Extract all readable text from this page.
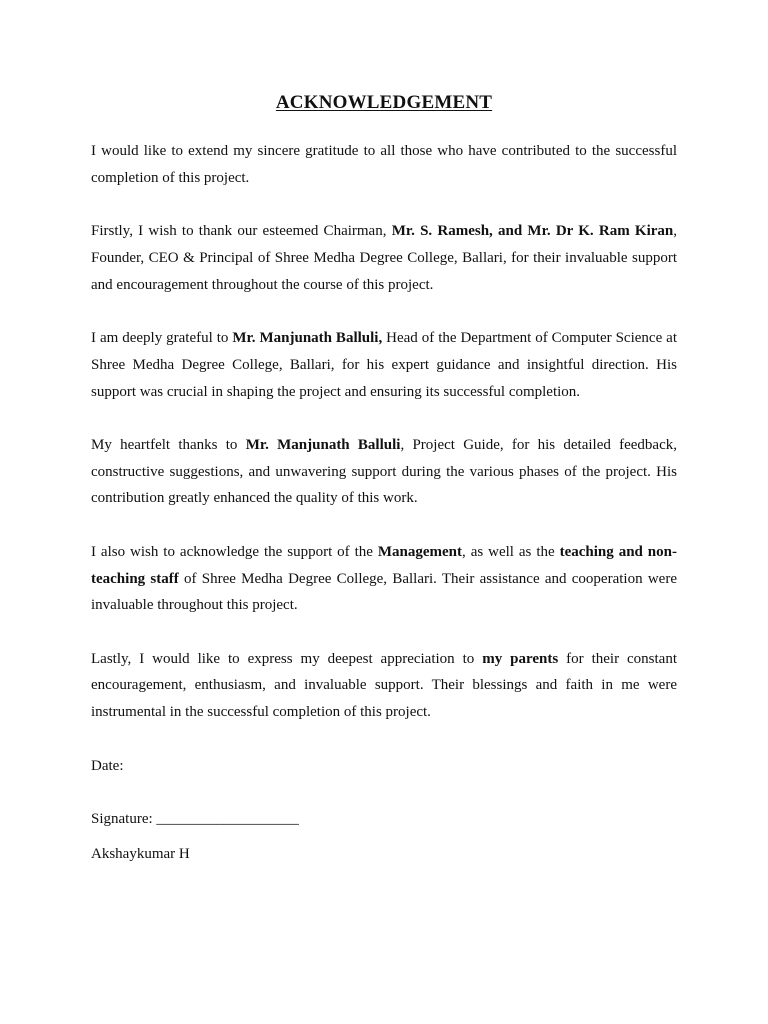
ACKNOWLEDGEMENT

I would like to extend my sincere gratitude to all those who have contributed to the successful completion of this project.

Firstly, I wish to thank our esteemed Chairman, Mr. S. Ramesh, and Mr. Dr K. Ram Kiran, Founder, CEO & Principal of Shree Medha Degree College, Ballari, for their invaluable support and encouragement throughout the course of this project.

I am deeply grateful to Mr. Manjunath Balluli, Head of the Department of Computer Science at Shree Medha Degree College, Ballari, for his expert guidance and insightful direction. His support was crucial in shaping the project and ensuring its successful completion.

My heartfelt thanks to Mr. Manjunath Balluli, Project Guide, for his detailed feedback, constructive suggestions, and unwavering support during the various phases of the project. His contribution greatly enhanced the quality of this work.

I also wish to acknowledge the support of the Management, as well as the teaching and non-teaching staff of Shree Medha Degree College, Ballari. Their assistance and cooperation were invaluable throughout this project.

Lastly, I would like to express my deepest appreciation to my parents for their constant encouragement, enthusiasm, and invaluable support. Their blessings and faith in me were instrumental in the successful completion of this project.

Date:

Signature: ___________________

Akshaykumar H
